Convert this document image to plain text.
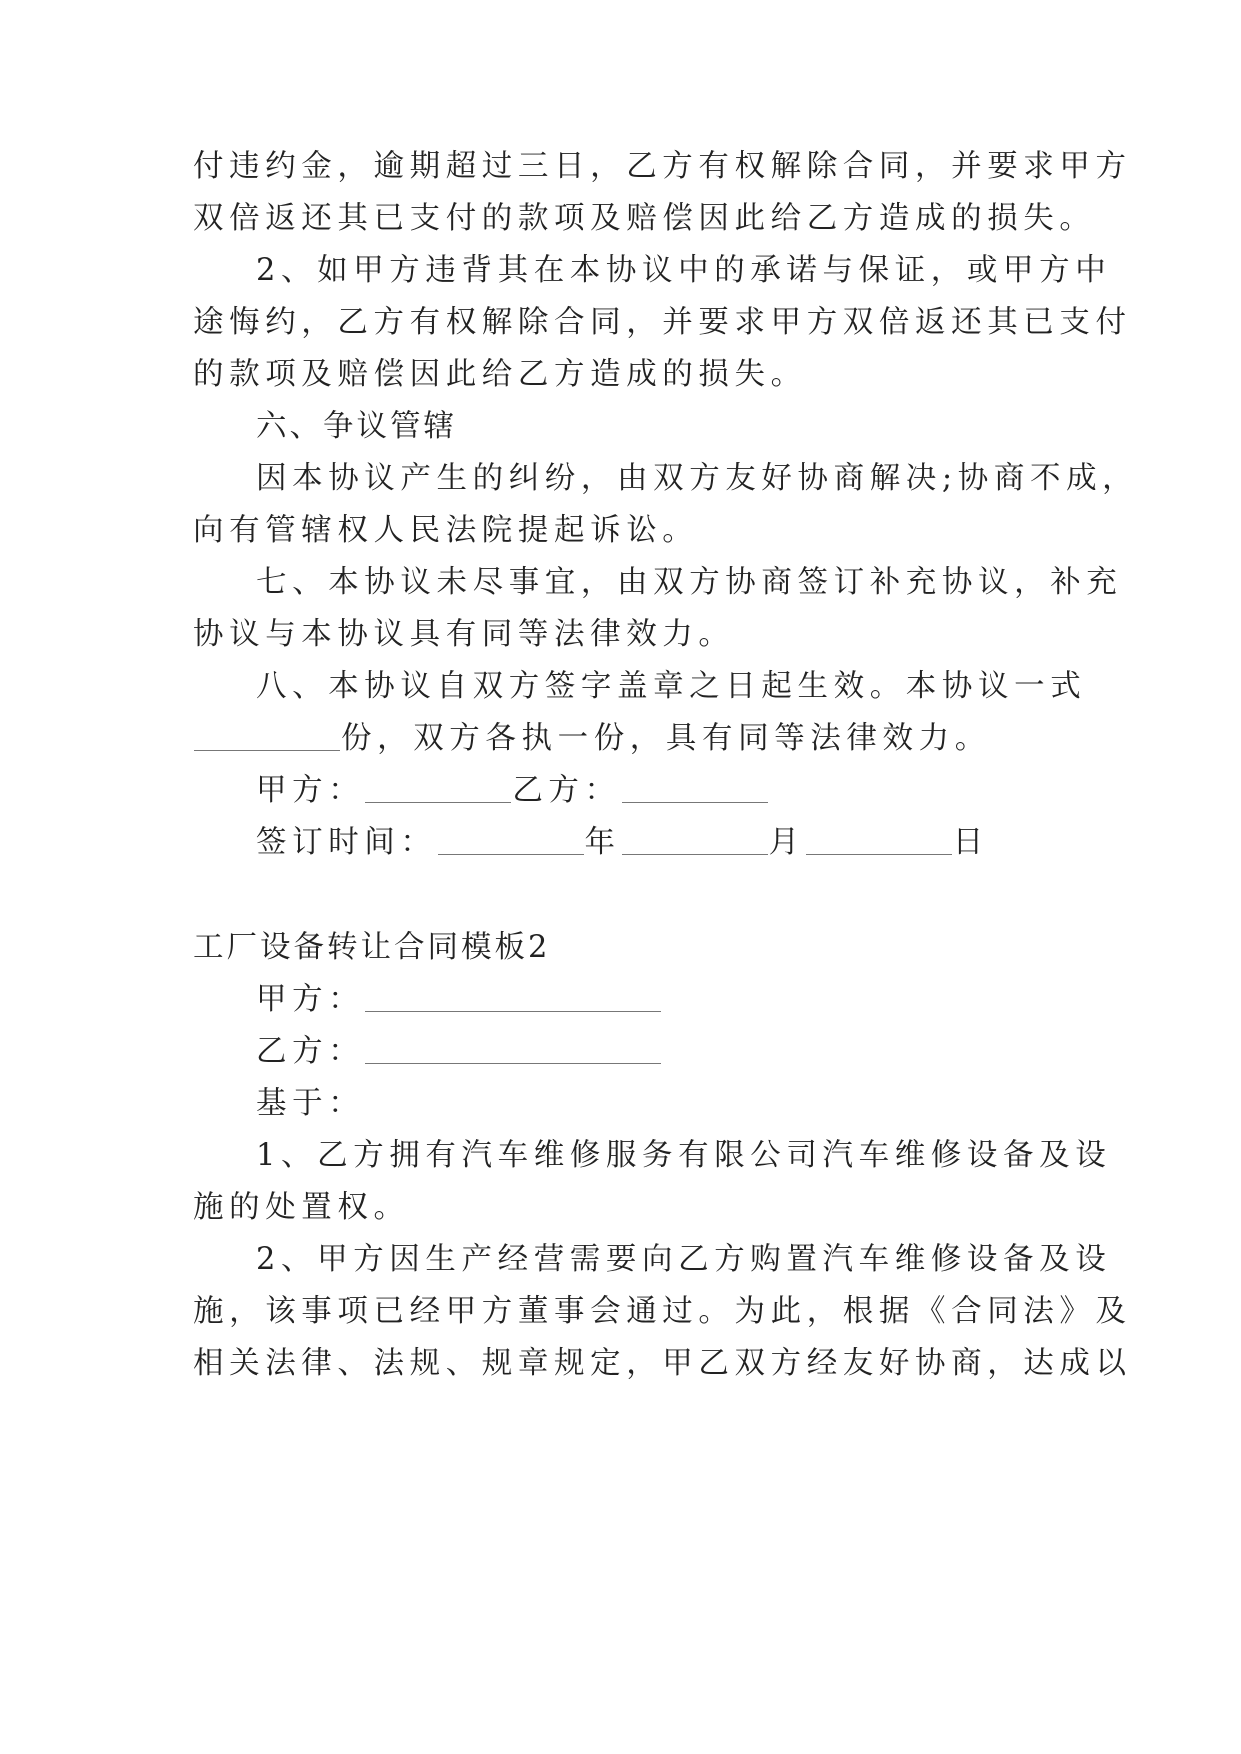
付违约金，逾期超过三日，乙方有权解除合同，并要求甲方
双倍返还其已支付的款项及赔偿因此给乙方造成的损失。
2、如甲方违背其在本协议中的承诺与保证，或甲方中
途悔约，乙方有权解除合同，并要求甲方双倍返还其已支付
的款项及赔偿因此给乙方造成的损失。
六、争议管辖
因本协议产生的纠纷，由双方友好协商解决;协商不成，
向有管辖权人民法院提起诉讼。
七、本协议未尽事宜，由双方协商签订补充协议，补充
协议与本协议具有同等法律效力。
八、本协议自双方签字盖章之日起生效。本协议一式
份，双方各执一份，具有同等法律效力。
甲方：	乙方：
签订时间：	年	月	日
工厂设备转让合同模板2
甲方：
乙方：
基于：
1、乙方拥有汽车维修服务有限公司汽车维修设备及设
施的处置权。
2、甲方因生产经营需要向乙方购置汽车维修设备及设
施，该事项已经甲方董事会通过。为此，根据《合同法》及
相关法律、法规、规章规定，甲乙双方经友好协商，达成以
